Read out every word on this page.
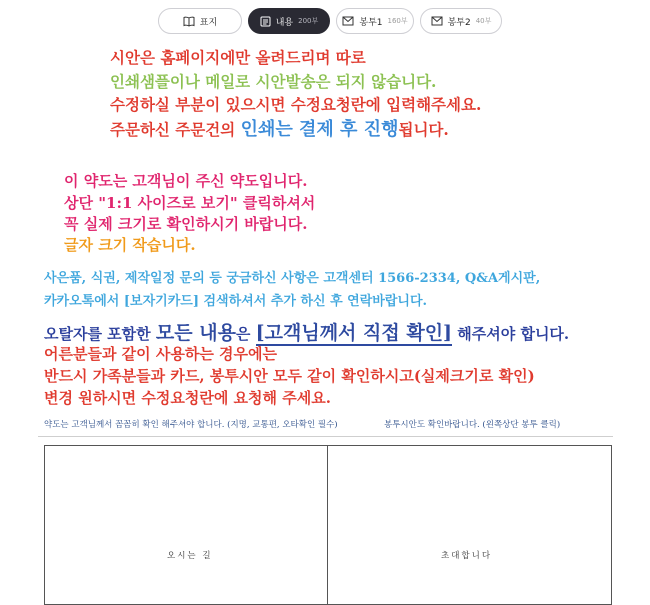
표지	내용 200부	봉투1 160부	봉투2 40부
시안은 홈페이지에만 올려드리며 따로
인쇄샘플이나 메일로 시안발송은 되지 않습니다.
수정하실 부분이 있으시면 수정요청란에 입력해주세요.
주문하신 주문건의 인쇄는 결제 후 진행됩니다.
이 약도는 고객님이 주신 약도입니다.
상단 "1:1 사이즈로 보기" 클릭하셔서
꼭 실제 크기로 확인하시기 바랍니다.
글자 크기 작습니다.
사은품, 식권, 제작일정 문의 등 궁금하신 사항은 고객센터 1566-2334, Q&A게시판,
카카오톡에서 [보자기카드] 검색하셔서 추가 하신 후 연락바랍니다.
오탈자를 포함한 모든 내용은 [고객님께서 직접 확인] 해주셔야 합니다.
어른분들과 같이 사용하는 경우에는
반드시 가족분들과 카드, 봉투시안 모두 같이 확인하시고(실제크기로 확인)
변경 원하시면 수정요청란에 요청해 주세요.
약도는 고객님께서 꼼꼼히 확인 해주셔야 합니다. (지명, 교통편, 오타확인 필수)	봉투시안도 확인바랍니다. (왼쪽상단 봉투 클릭)
오시는 길	초대합니다
